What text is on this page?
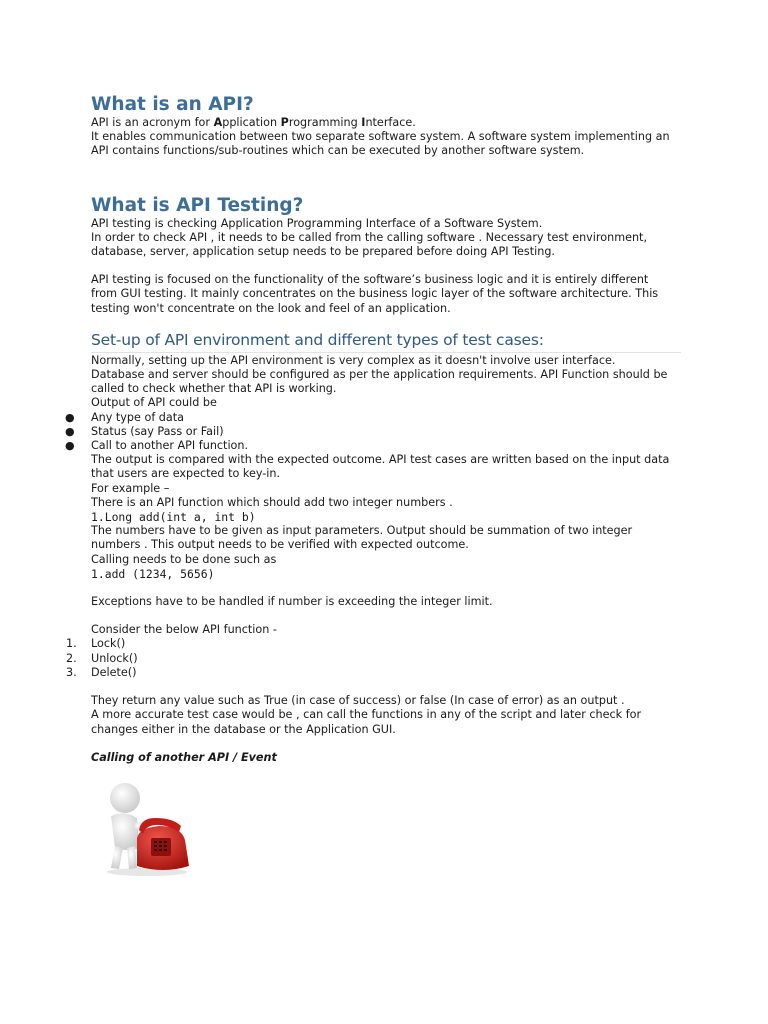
What is an API?

API is an acronym for Application Programming Interface.

It enables communication between two separate software system. A software system implementing an

API contains functions/sub-routines which can be executed by another software system.

What is API Testing?

API testing is checking Application Programming Interface of a Software System.

In order to check API , it needs to be called from the calling software . Necessary test environment,

database, server, application setup needs to be prepared before doing API Testing.

API testing is focused on the functionality of the software’s business logic and it is entirely different

from GUI testing. It mainly concentrates on the business logic layer of the software architecture. This

testing won't concentrate on the look and feel of an application.

Set-up of API environment and different types of test cases:

Normally, setting up the API environment is very complex as it doesn't involve user interface.

Database and server should be configured as per the application requirements. API Function should be

called to check whether that API is working.

Output of API could be

● Any type of data

● Status (say Pass or Fail)

● Call to another API function.

The output is compared with the expected outcome. API test cases are written based on the input data

that users are expected to key-in.

For example –

There is an API function which should add two integer numbers .

1.Long add(int a, int b)

The numbers have to be given as input parameters. Output should be summation of two integer

numbers . This output needs to be verified with expected outcome.

Calling needs to be done such as

1.add (1234, 5656)

Exceptions have to be handled if number is exceeding the integer limit.

Consider the below API function -

1.	Lock()

2.	Unlock()

3.	Delete()

They return any value such as True (in case of success) or false (In case of error) as an output .

A more accurate test case would be , can call the functions in any of the script and later check for

changes either in the database or the Application GUI.

Calling of another API / Event
